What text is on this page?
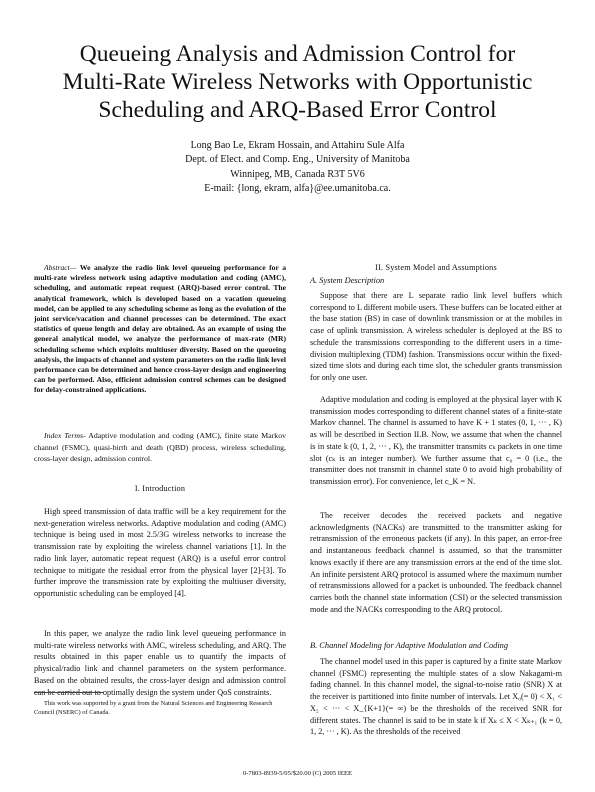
Queueing Analysis and Admission Control for
Multi-Rate Wireless Networks with Opportunistic
Scheduling and ARQ-Based Error Control
Long Bao Le, Ekram Hossain, and Attahiru Sule Alfa
Dept. of Elect. and Comp. Eng., University of Manitoba
Winnipeg, MB, Canada R3T 5V6
E-mail: {long, ekram, alfa}@ee.umanitoba.ca.
Abstract— We analyze the radio link level queueing performance for a multi-rate wireless network using adaptive modulation and coding (AMC), scheduling, and automatic repeat request (ARQ)-based error control. The analytical framework, which is developed based on a vacation queueing model, can be applied to any scheduling scheme as long as the evolution of the joint service/vacation and channel processes can be determined. The exact statistics of queue length and delay are obtained. As an example of using the general analytical model, we analyze the performance of max-rate (MR) scheduling scheme which exploits multiuser diversity. Based on the queueing analysis, the impacts of channel and system parameters on the radio link level performance can be determined and hence cross-layer design and engineering can be performed. Also, efficient admission control schemes can be designed for delay-constrained applications.
Index Terms- Adaptive modulation and coding (AMC), finite state Markov channel (FSMC), quasi-birth and death (QBD) process, wireless scheduling, cross-layer design, admission control.
I. Introduction
High speed transmission of data traffic will be a key requirement for the next-generation wireless networks. Adaptive modulation and coding (AMC) technique is being used in most 2.5/3G wireless networks to increase the transmission rate by exploiting the wireless channel variations [1]. In the radio link layer, automatic repeat request (ARQ) is a useful error control technique to mitigate the residual error from the physical layer [2]-[3]. To further improve the transmission rate by exploiting the multiuser diversity, opportunistic scheduling can be employed [4].
In this paper, we analyze the radio link level queueing performance in multi-rate wireless networks with AMC, wireless scheduling, and ARQ. The results obtained in this paper enable us to quantify the impacts of physical/radio link and channel parameters on the system performance. Based on the obtained results, the cross-layer design and admission control can be carried out to optimally design the system under QoS constraints.
This work was supported by a grant from the Natural Sciences and Engineering Research Council (NSERC) of Canada.
II. System Model and Assumptions
A. System Description
Suppose that there are L separate radio link level buffers which correspond to L different mobile users. These buffers can be located either at the base station (BS) in case of downlink transmission or at the mobiles in case of uplink transmission. A wireless scheduler is deployed at the BS to schedule the transmissions corresponding to the different users in a time-division multiplexing (TDM) fashion. Transmissions occur within the fixed-sized time slots and during each time slot, the scheduler grants transmission for only one user.
Adaptive modulation and coding is employed at the physical layer with K transmission modes corresponding to different channel states of a finite-state Markov channel. The channel is assumed to have K + 1 states (0, 1, ··· , K) as will be described in Section II.B. Now, we assume that when the channel is in state k (0, 1, 2, ··· , K), the transmitter transmits cₖ packets in one time slot (cₖ is an integer number). We further assume that c₀ = 0 (i.e., the transmitter does not transmit in channel state 0 to avoid high probability of transmission error). For convenience, let c_K = N.
The receiver decodes the received packets and negative acknowledgments (NACKs) are transmitted to the transmitter asking for retransmission of the erroneous packets (if any). In this paper, an error-free and instantaneous feedback channel is assumed, so that the transmitter knows exactly if there are any transmission errors at the end of the time slot. An infinite persistent ARQ protocol is assumed where the maximum number of retransmissions allowed for a packet is unbounded. The feedback channel carries both the channel state information (CSI) or the selected transmission mode and the NACKs corresponding to the ARQ protocol.
B. Channel Modeling for Adaptive Modulation and Coding
The channel model used in this paper is captured by a finite state Markov channel (FSMC) representing the multiple states of a slow Nakagami-m fading channel. In this channel model, the signal-to-noise ratio (SNR) X at the receiver is partitioned into finite number of intervals. Let X₀(= 0) < X₁ < X₂ < ··· < X_{K+1}(= ∞) be the thresholds of the received SNR for different states. The channel is said to be in state k if Xₖ ≤ X < Xₖ₊₁ (k = 0, 1, 2, ··· , K). As the thresholds of the received
0-7803-8939-5/05/$20.00 (C) 2005 IEEE
